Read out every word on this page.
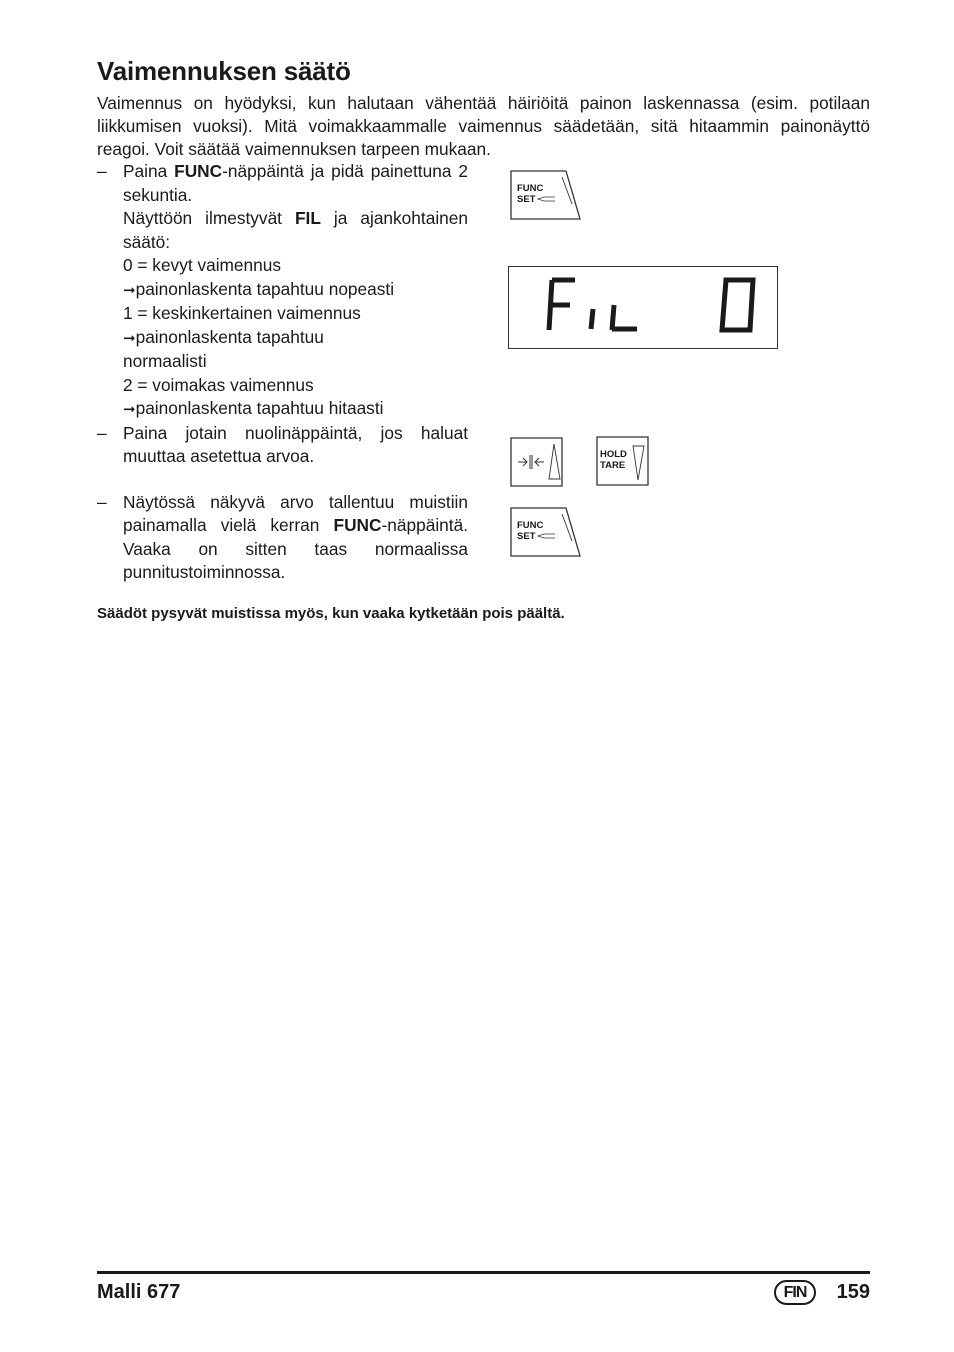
Vaimennuksen säätö

Vaimennus on hyödyksi, kun halutaan vähentää häiriöitä painon laskennassa (esim. potilaan liikkumisen vuoksi). Mitä voimakkaammalle vaimennus säädetään, sitä hitaammin painonäyttö reagoi. Voit säätää vaimennuksen tarpeen mukaan.

– Paina FUNC-näppäintä ja pidä painettuna 2 sekuntia.

Näyttöön ilmestyvät FIL ja ajankohtainen säätö:

0 = kevyt vaimennus
➞painonlaskenta tapahtuu nopeasti
1 = keskinkertainen vaimennus
➞painonlaskenta tapahtuu normaalisti
2 = voimakas vaimennus
➞painonlaskenta tapahtuu hitaasti
– Paina jotain nuolinäppäintä, jos haluat muuttaa asetettua arvoa.

– Näytössä näkyvä arvo tallentuu muistiin painamalla vielä kerran FUNC-näppäintä. Vaaka on sitten taas normaalissa punnitustoiminnossa.

FUNC
SET
HOLD
TARE
FUNC
SET
Säädöt pysyvät muistissa myös, kun vaaka kytketään pois päältä.
Malli 677	FIN	159
